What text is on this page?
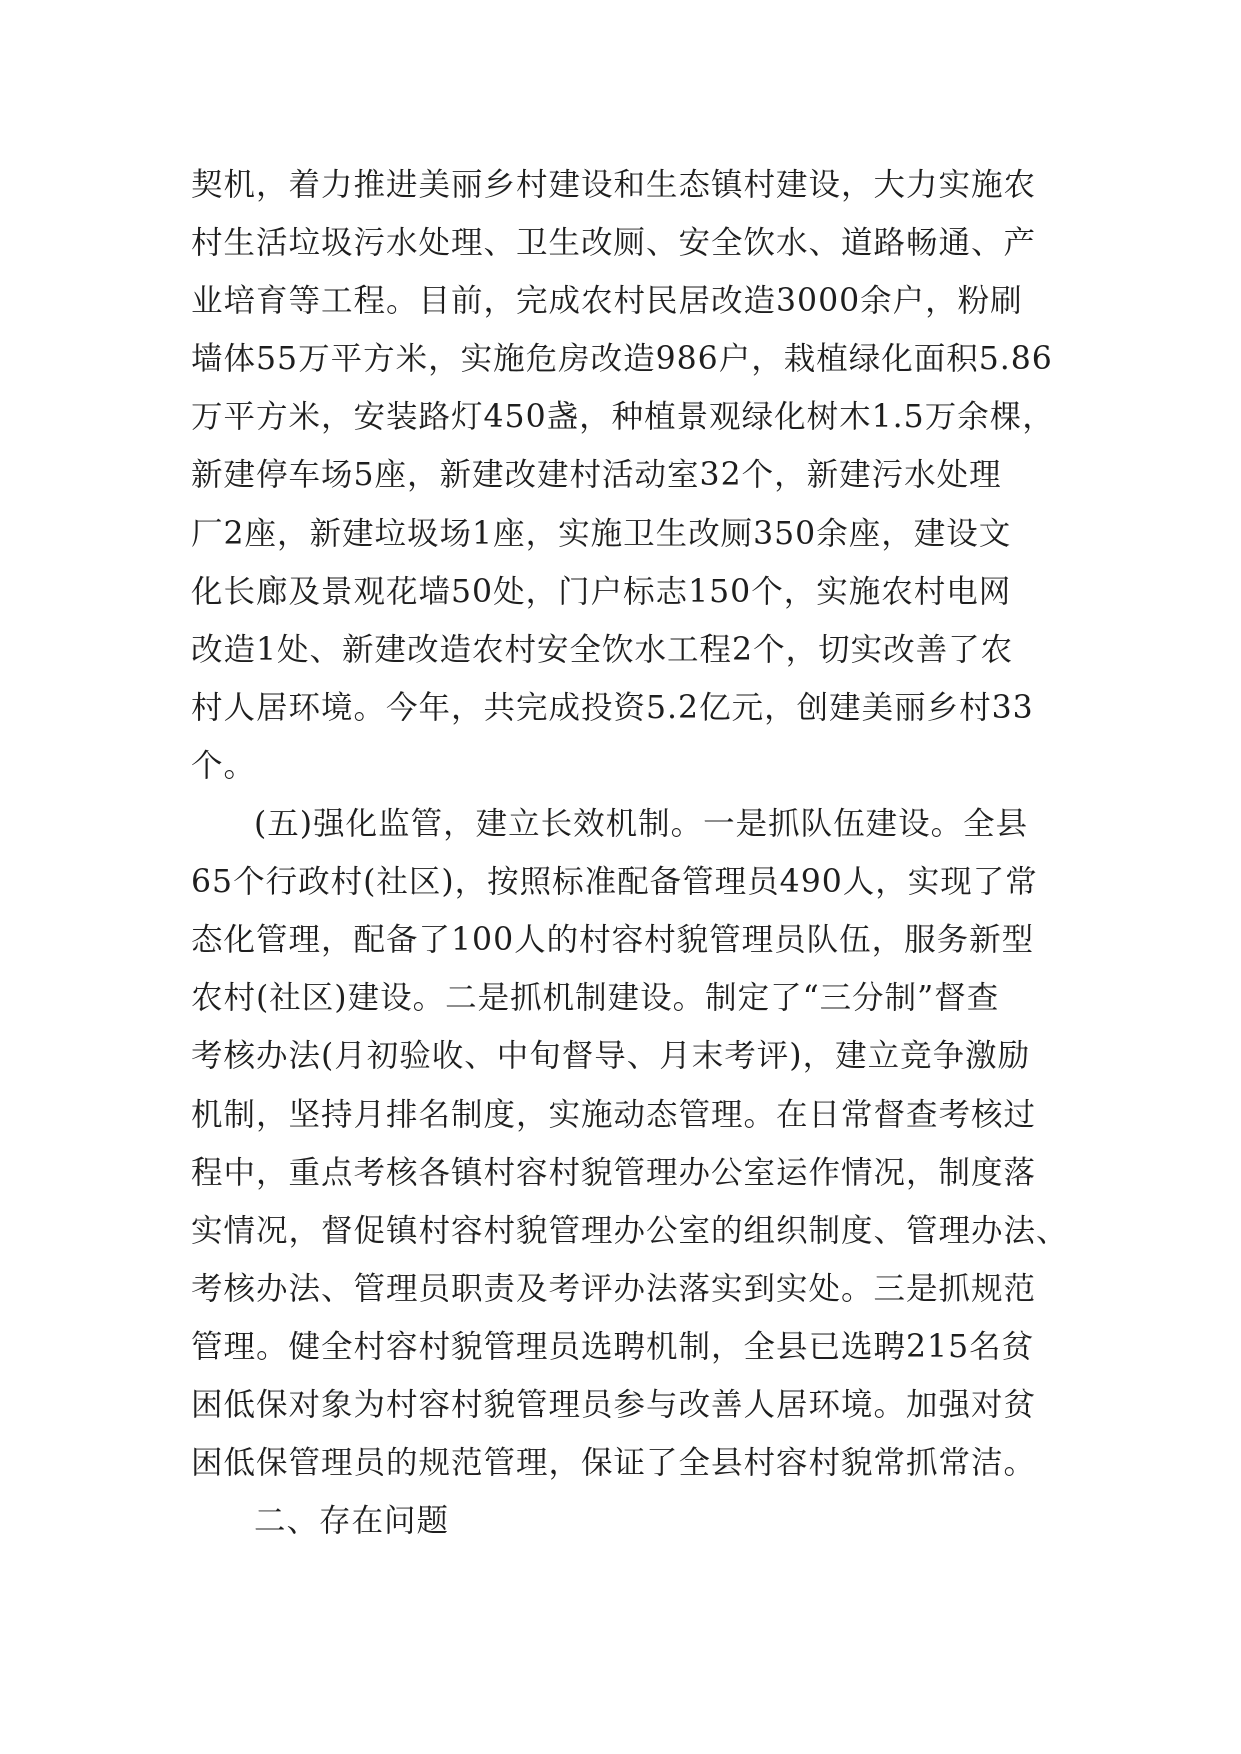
契机，着力推进美丽乡村建设和生态镇村建设，大力实施农
村生活垃圾污水处理、卫生改厕、安全饮水、道路畅通、产
业培育等工程。目前，完成农村民居改造3000余户，粉刷
墙体55万平方米，实施危房改造986户，栽植绿化面积5.86
万平方米，安装路灯450盏，种植景观绿化树木1.5万余棵，
新建停车场5座，新建改建村活动室32个，新建污水处理
厂2座，新建垃圾场1座，实施卫生改厕350余座，建设文
化长廊及景观花墙50处，门户标志150个，实施农村电网
改造1处、新建改造农村安全饮水工程2个，切实改善了农
村人居环境。今年，共完成投资5.2亿元，创建美丽乡村33
个。
(五)强化监管，建立长效机制。一是抓队伍建设。全县
65个行政村(社区)，按照标准配备管理员490人，实现了常
态化管理，配备了100人的村容村貌管理员队伍，服务新型
农村(社区)建设。二是抓机制建设。制定了“三分制”督查
考核办法(月初验收、中旬督导、月末考评)，建立竞争激励
机制，坚持月排名制度，实施动态管理。在日常督查考核过
程中，重点考核各镇村容村貌管理办公室运作情况，制度落
实情况，督促镇村容村貌管理办公室的组织制度、管理办法、
考核办法、管理员职责及考评办法落实到实处。三是抓规范
管理。健全村容村貌管理员选聘机制，全县已选聘215名贫
困低保对象为村容村貌管理员参与改善人居环境。加强对贫
困低保管理员的规范管理，保证了全县村容村貌常抓常洁。
二、存在问题
